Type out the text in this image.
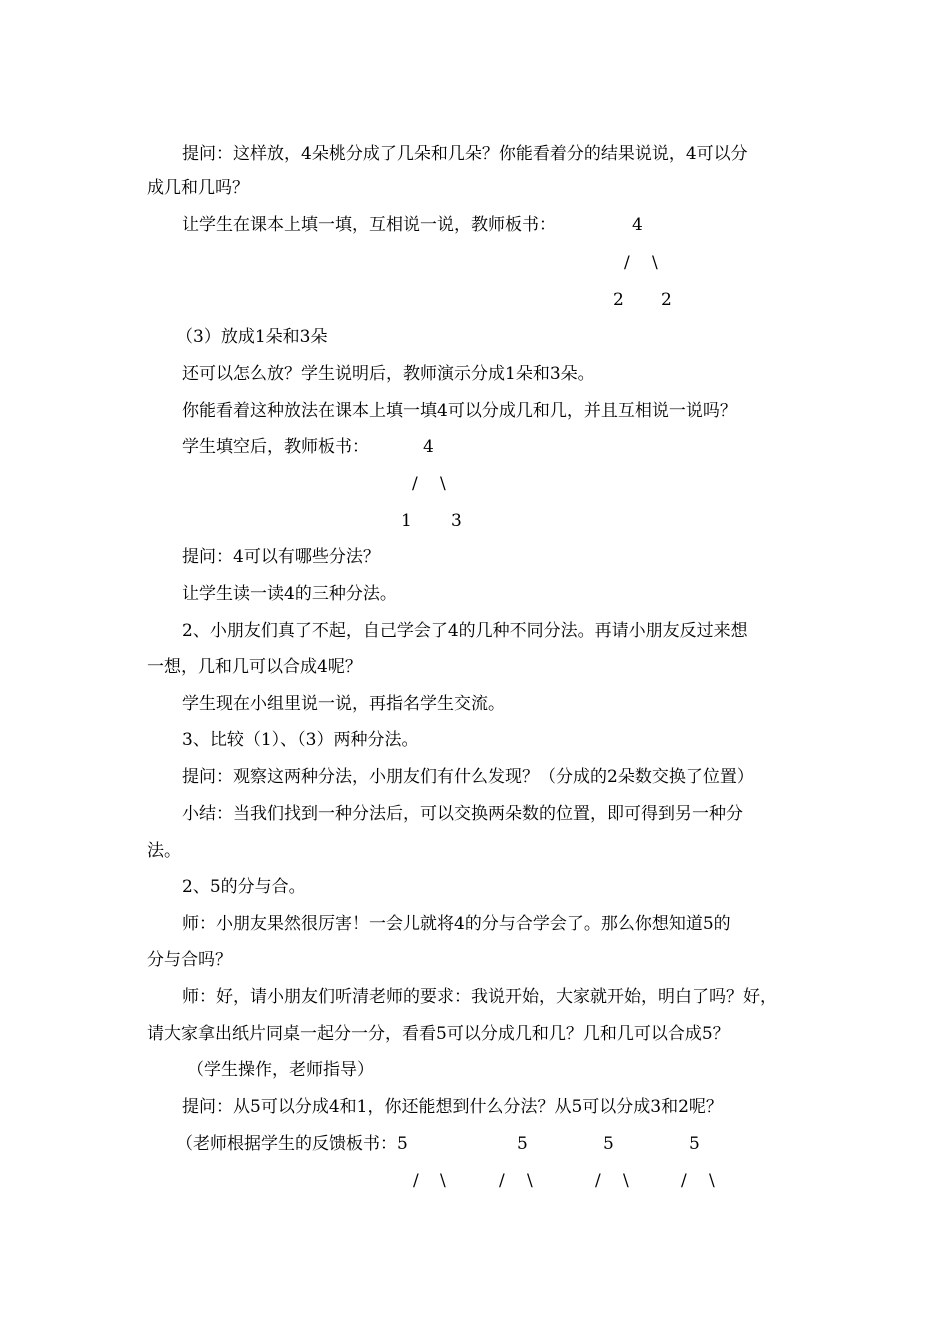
提问：这样放，4朵桃分成了几朵和几朵？你能看着分的结果说说，4可以分
成几和几吗？
让学生在课本上填一填，互相说一说，教师板书：	4
/ \
2 2
（3）放成1朵和3朵
还可以怎么放？学生说明后，教师演示分成1朵和3朵。
你能看着这种放法在课本上填一填4可以分成几和几，并且互相说一说吗？
学生填空后，教师板书：	4
/ \
1 3
提问：4可以有哪些分法？
让学生读一读4的三种分法。
2、小朋友们真了不起，自己学会了4的几种不同分法。再请小朋友反过来想
一想，几和几可以合成4呢？
学生现在小组里说一说，再指名学生交流。
3、比较（1）、（3）两种分法。
提问：观察这两种分法，小朋友们有什么发现？（分成的2朵数交换了位置）
小结：当我们找到一种分法后，可以交换两朵数的位置，即可得到另一种分
法。
2、5的分与合。
师：小朋友果然很厉害！一会儿就将4的分与合学会了。那么你想知道5的
分与合吗？
师：好，请小朋友们听清老师的要求：我说开始，大家就开始，明白了吗？好，
请大家拿出纸片同桌一起分一分，看看5可以分成几和几？几和几可以合成5？
（学生操作，老师指导）
提问：从5可以分成4和1，你还能想到什么分法？从5可以分成3和2呢？
（老师根据学生的反馈板书：5	5	5	5
/ \	/ \	/ \	/ \
